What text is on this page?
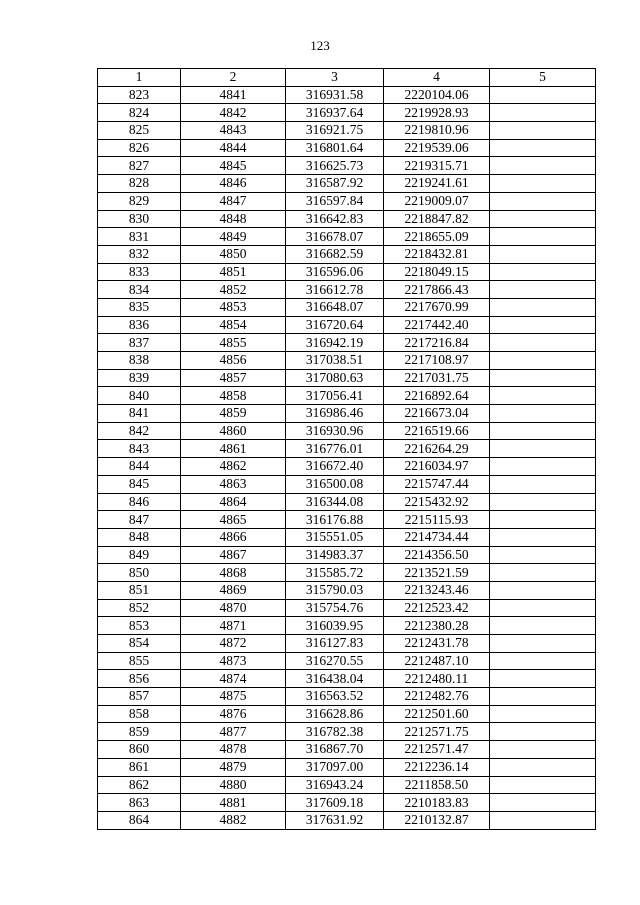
123
1	2	3	4	5
823	4841	316931.58	2220104.06	
824	4842	316937.64	2219928.93	
825	4843	316921.75	2219810.96	
826	4844	316801.64	2219539.06	
827	4845	316625.73	2219315.71	
828	4846	316587.92	2219241.61	
829	4847	316597.84	2219009.07	
830	4848	316642.83	2218847.82	
831	4849	316678.07	2218655.09	
832	4850	316682.59	2218432.81	
833	4851	316596.06	2218049.15	
834	4852	316612.78	2217866.43	
835	4853	316648.07	2217670.99	
836	4854	316720.64	2217442.40	
837	4855	316942.19	2217216.84	
838	4856	317038.51	2217108.97	
839	4857	317080.63	2217031.75	
840	4858	317056.41	2216892.64	
841	4859	316986.46	2216673.04	
842	4860	316930.96	2216519.66	
843	4861	316776.01	2216264.29	
844	4862	316672.40	2216034.97	
845	4863	316500.08	2215747.44	
846	4864	316344.08	2215432.92	
847	4865	316176.88	2215115.93	
848	4866	315551.05	2214734.44	
849	4867	314983.37	2214356.50	
850	4868	315585.72	2213521.59	
851	4869	315790.03	2213243.46	
852	4870	315754.76	2212523.42	
853	4871	316039.95	2212380.28	
854	4872	316127.83	2212431.78	
855	4873	316270.55	2212487.10	
856	4874	316438.04	2212480.11	
857	4875	316563.52	2212482.76	
858	4876	316628.86	2212501.60	
859	4877	316782.38	2212571.75	
860	4878	316867.70	2212571.47	
861	4879	317097.00	2212236.14	
862	4880	316943.24	2211858.50	
863	4881	317609.18	2210183.83	
864	4882	317631.92	2210132.87	
